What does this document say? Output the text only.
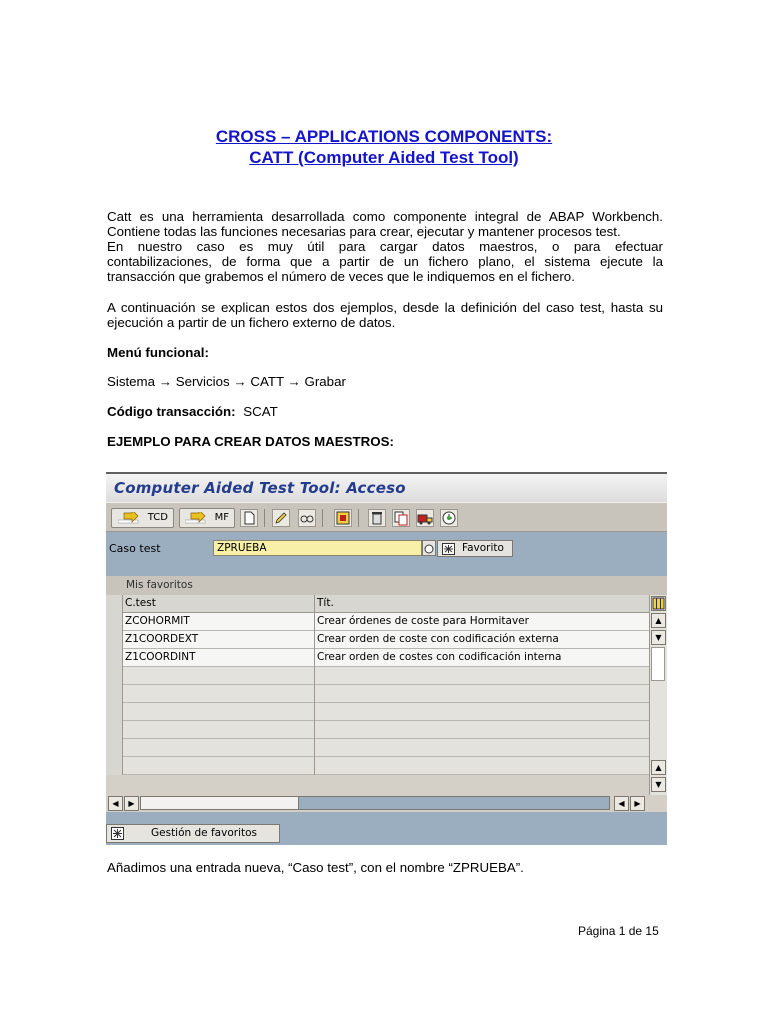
CROSS – APPLICATIONS COMPONENTS:
CATT (Computer Aided Test Tool)
Catt es una herramienta desarrollada como componente integral de ABAP Workbench.
Contiene todas las funciones necesarias para crear, ejecutar y mantener procesos test.
En nuestro caso es muy útil para cargar datos maestros, o para efectuar
contabilizaciones, de forma que a partir de un fichero plano, el sistema ejecute la
transacción que grabemos el número de veces que le indiquemos en el fichero.
A continuación se explican estos dos ejemplos, desde la definición del caso test, hasta su
ejecución a partir de un fichero externo de datos.
Menú funcional:
Sistema → Servicios → CATT → Grabar
Código transacción: SCAT
EJEMPLO PARA CREAR DATOS MAESTROS:
Computer Aided Test Tool: Acceso
TCD	MF
Caso test	ZPRUEBA	Favorito
Mis favoritos
C.test	Tít.
ZCOHORMIT	Crear órdenes de coste para Hormitaver
Z1COORDEXT	Crear orden de coste con codificación externa
Z1COORDINT	Crear orden de costes con codificación interna
▲
▼
▲
▼
◀	▶	◀	▶
Gestión de favoritos
Añadimos una entrada nueva, “Caso test”, con el nombre “ZPRUEBA”.
Página 1 de 15
